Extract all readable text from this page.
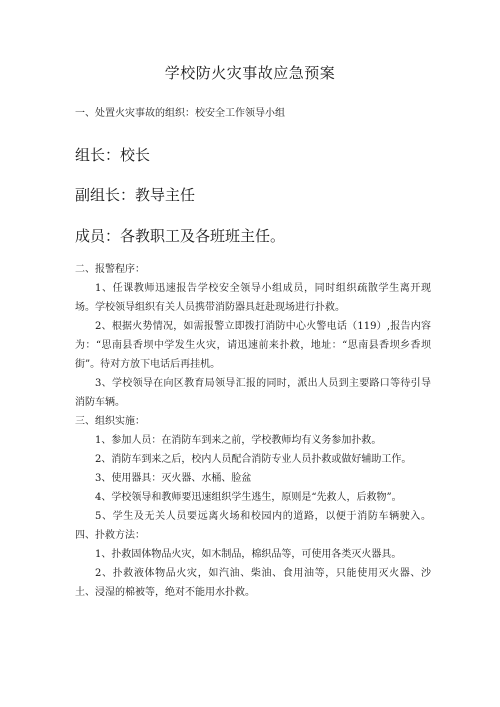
学校防火灾事故应急预案
一、处置火灾事故的组织：校安全工作领导小组
组长：校长
副组长：教导主任
成员：各教职工及各班班主任。

二、报警程序：

1、任课教师迅速报告学校安全领导小组成员，同时组织疏散学生离开现场。学校领导组织有关人员携带消防器具赶赴现场进行扑救。

2、根据火势情况，如需报警立即拨打消防中心火警电话（119）,报告内容为：“思南县香坝中学发生火灾，请迅速前来扑救，地址：“思南县香坝乡香坝街”。待对方放下电话后再挂机。

3、学校领导在向区教育局领导汇报的同时，派出人员到主要路口等待引导消防车辆。

三、组织实施：

1、参加人员：在消防车到来之前，学校教师均有义务参加扑救。

2、消防车到来之后，校内人员配合消防专业人员扑救或做好辅助工作。

3、使用器具：灭火器、水桶、脸盆

4、学校领导和教师要迅速组织学生逃生，原则是“先救人，后救物”。

5、学生及无关人员要远离火场和校园内的道路，以便于消防车辆驶入。四、扑救方法：

1、扑救固体物品火灾，如木制品，棉织品等，可使用各类灭火器具。

2、扑救液体物品火灾，如汽油、柴油、食用油等，只能使用灭火器、沙土、浸湿的棉被等，绝对不能用水扑救。
